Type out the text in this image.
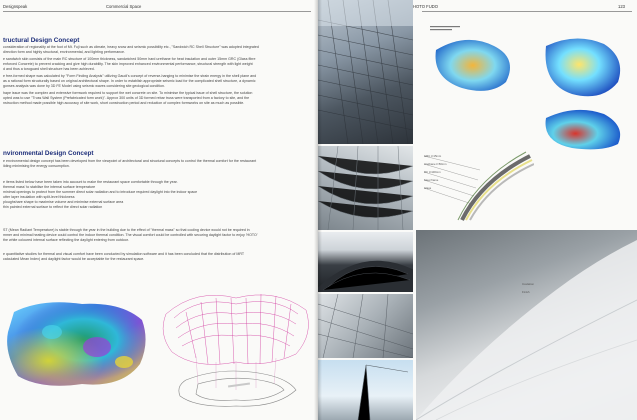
Designspeak	Commercial Space
tructural Design Concept
consideration of regionality at the foot of Mt. Fuji such as climate, heavy snow and seismic possibility etc., "Sandwich RC Shell Structure" was adopted integrated
direction form and highly structural, environmental, and lighting performance.
e sandwich skin consists of the main RC structure of 100mm thickness, sandwiched 50mm hard urethane for heat insulation and outer 15mm GRC (Glass fibre
enforced Concrete) to prevent cracking and give high durability. The skin improved enhanced environmental performance, structural strength with light weight
d and thus a toroguard shell structure has been achieved.
e free-formed shape was calculated by "Form Finding Analysis" utilizing Gaudi's concept of reverse-hanging to minimise the strain energy in the shell plane and
as a rational form structurally based on original architectural shape. In order to establish appropriate seismic load for the complicated shell structure, a dynamic
gonses analysis was done by 3D FE Model using seismic waves considering site geological condition.
hape issue was the complex and extensive formwork required to support the wet concrete on site. To minimise the typical issue of shell structure, the solution
opted was to use "Truss Wall System (Prefabricated form work)". Approx 300 units of 3D formed rebar truss were transported from a factory to site, and the
nstruction method made possible high accuracy of site work, short construction period and reduction of complex formworks on site as much as possible.
nvironmental Design Concept
e environmental design concept has been developed from the viewpoint of architectural and structural concepts to control the thermal comfort for the restaurant
ilding minimising the energy consumption.
e items listed below have been taken into account to make the restaurant space comfortable through the year.
thermal mass' to stabilise the internal surface temperature
minimal openings to protect from the summer direct solar radiation and to introduce required daylight into the indoor space
utter layer insulation with split-level thickness
ploughshare shape to maximise volume and minimise external surface area
thin painted external surface to reflect the direct solar radiation
ST (Mean Radiant Temperature) is stable through the year in the building due to the effect of "thermal mass" so that cooling device would not be required in
mmer and minimal heating device could control the indoor thermal condition. The visual comfort could be controlled with securing daylight factor to enjoy 'HOTO'
the white coloured internal surface reflecting the daylight entering from outdoor.
e quantitative studies for thermal and visual comfort have been conducted by simulation software and it has been concluded that the distribution of MRT
calculated Mean Index) and daylight factor would be acceptable for the restaurant space.
HOTO FUDO	123
GRC t=15mm
Urethane t=50mm
RC t=100mm
Steel frame
Glass
Insulation
Finish
